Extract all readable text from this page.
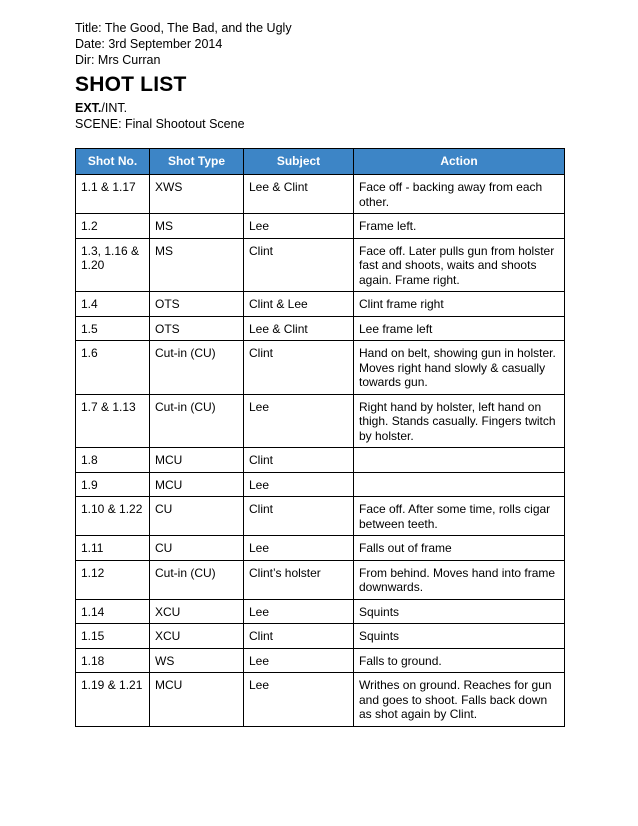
Title: The Good, The Bad, and the Ugly
Date: 3rd September 2014
Dir: Mrs Curran
SHOT LIST
EXT./INT.
SCENE: Final Shootout Scene
Shot No.	Shot Type	Subject	Action
1.1 & 1.17	XWS	Lee & Clint	Face off - backing away from each other.
1.2	MS	Lee	Frame left.
1.3, 1.16 & 1.20	MS	Clint	Face off. Later pulls gun from holster fast and shoots, waits and shoots again. Frame right.
1.4	OTS	Clint & Lee	Clint frame right
1.5	OTS	Lee & Clint	Lee frame left
1.6	Cut-in (CU)	Clint	Hand on belt, showing gun in holster. Moves right hand slowly & casually towards gun.
1.7 & 1.13	Cut-in (CU)	Lee	Right hand by holster, left hand on thigh. Stands casually. Fingers twitch by holster.
1.8	MCU	Clint	
1.9	MCU	Lee	
1.10 & 1.22	CU	Clint	Face off. After some time, rolls cigar between teeth.
1.11	CU	Lee	Falls out of frame
1.12	Cut-in (CU)	Clint’s holster	From behind. Moves hand into frame downwards.
1.14	XCU	Lee	Squints
1.15	XCU	Clint	Squints
1.18	WS	Lee	Falls to ground.
1.19 & 1.21	MCU	Lee	Writhes on ground. Reaches for gun and goes to shoot. Falls back down as shot again by Clint.
